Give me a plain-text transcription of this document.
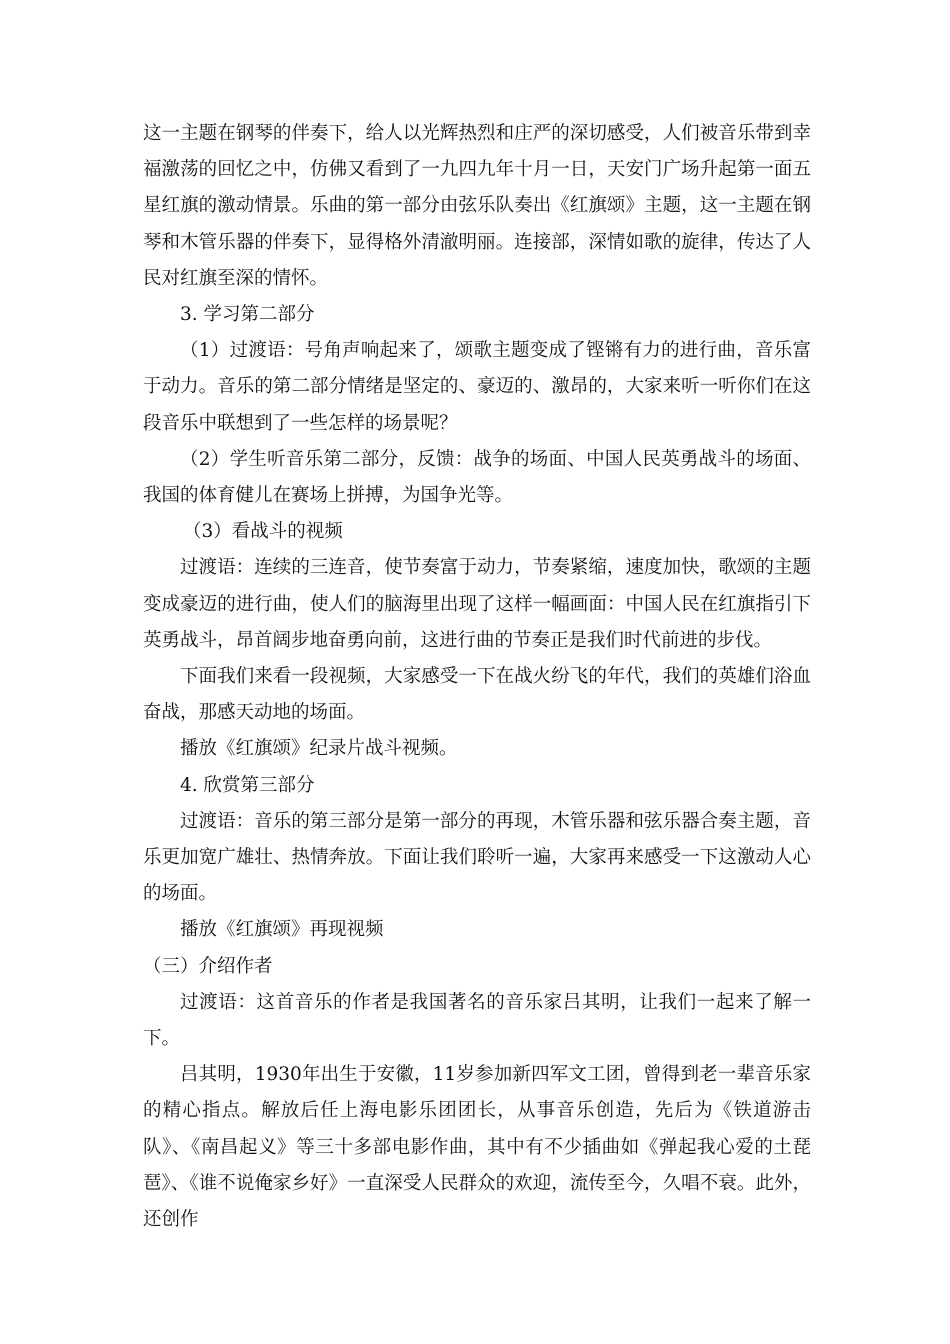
这一主题在钢琴的伴奏下，给人以光辉热烈和庄严的深切感受，人们被音乐带到幸福激荡的回忆之中，仿佛又看到了一九四九年十月一日，天安门广场升起第一面五星红旗的激动情景。乐曲的第一部分由弦乐队奏出《红旗颂》主题，这一主题在钢琴和木管乐器的伴奏下，显得格外清澈明丽。连接部，深情如歌的旋律，传达了人民对红旗至深的情怀。

3. 学习第二部分

（1）过渡语：号角声响起来了，颂歌主题变成了铿锵有力的进行曲，音乐富于动力。音乐的第二部分情绪是坚定的、豪迈的、激昂的，大家来听一听你们在这段音乐中联想到了一些怎样的场景呢？

（2）学生听音乐第二部分，反馈：战争的场面、中国人民英勇战斗的场面、我国的体育健儿在赛场上拼搏，为国争光等。

（3）看战斗的视频

过渡语：连续的三连音，使节奏富于动力，节奏紧缩，速度加快，歌颂的主题变成豪迈的进行曲，使人们的脑海里出现了这样一幅画面：中国人民在红旗指引下英勇战斗，昂首阔步地奋勇向前，这进行曲的节奏正是我们时代前进的步伐。

下面我们来看一段视频，大家感受一下在战火纷飞的年代，我们的英雄们浴血奋战，那感天动地的场面。

播放《红旗颂》纪录片战斗视频。

4. 欣赏第三部分

过渡语：音乐的第三部分是第一部分的再现，木管乐器和弦乐器合奏主题，音乐更加宽广雄壮、热情奔放。下面让我们聆听一遍，大家再来感受一下这激动人心的场面。

播放《红旗颂》再现视频

（三）介绍作者

过渡语：这首音乐的作者是我国著名的音乐家吕其明，让我们一起来了解一下。

吕其明，1930年出生于安徽，11岁参加新四军文工团，曾得到老一辈音乐家的精心指点。解放后任上海电影乐团团长，从事音乐创造，先后为《铁道游击队》、《南昌起义》等三十多部电影作曲，其中有不少插曲如《弹起我心爱的土琵琶》、《谁不说俺家乡好》一直深受人民群众的欢迎，流传至今，久唱不衰。此外，还创作
